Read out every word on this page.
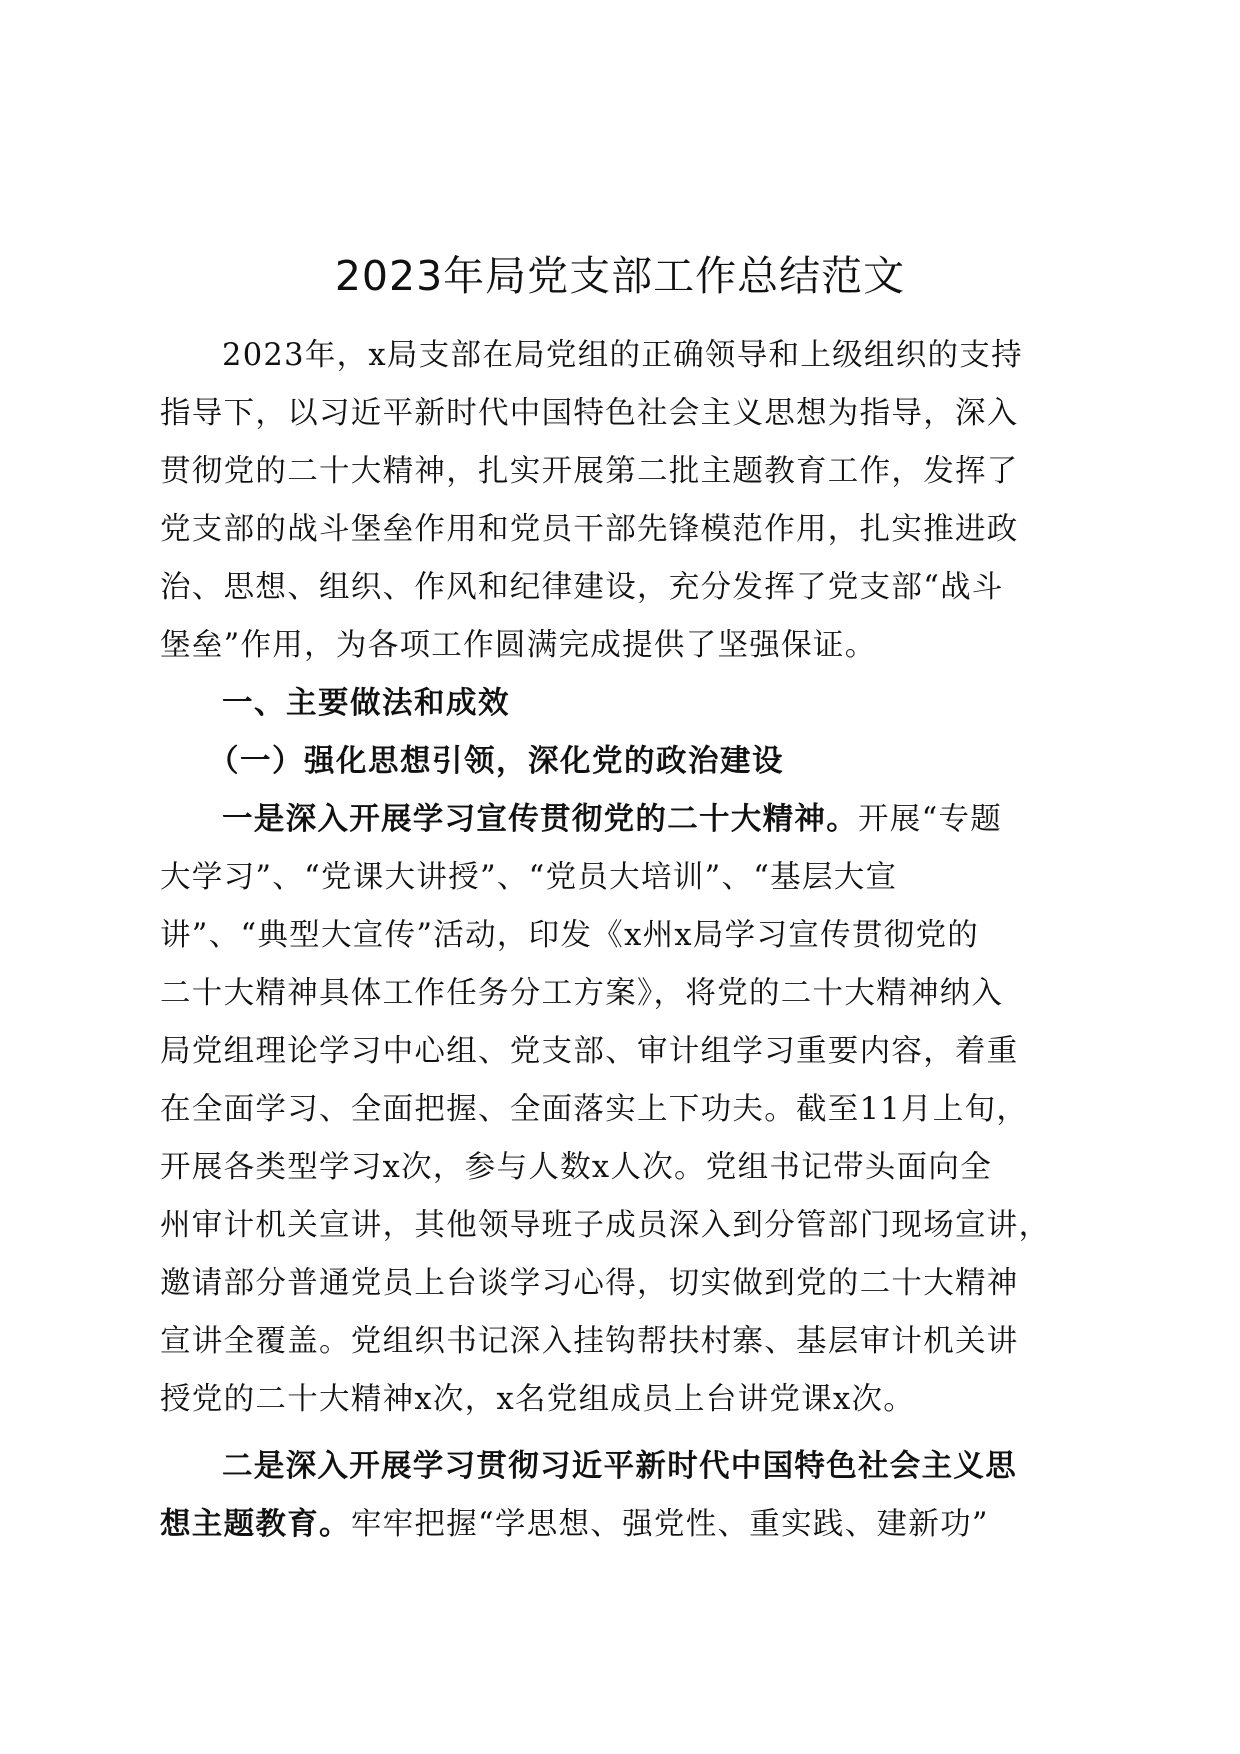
2023年局党支部工作总结范文
2023年，x局支部在局党组的正确领导和上级组织的支持
指导下，以习近平新时代中国特色社会主义思想为指导，深入
贯彻党的二十大精神，扎实开展第二批主题教育工作，发挥了
党支部的战斗堡垒作用和党员干部先锋模范作用，扎实推进政
治、思想、组织、作风和纪律建设，充分发挥了党支部“战斗
堡垒”作用，为各项工作圆满完成提供了坚强保证。
一、主要做法和成效
（一）强化思想引领，深化党的政治建设
一是深入开展学习宣传贯彻党的二十大精神。开展“专题
大学习”、“党课大讲授”、“党员大培训”、“基层大宣
讲”、“典型大宣传”活动，印发《x州x局学习宣传贯彻党的
二十大精神具体工作任务分工方案》，将党的二十大精神纳入
局党组理论学习中心组、党支部、审计组学习重要内容，着重
在全面学习、全面把握、全面落实上下功夫。截至11月上旬，
开展各类型学习x次，参与人数x人次。党组书记带头面向全
州审计机关宣讲，其他领导班子成员深入到分管部门现场宣讲，
邀请部分普通党员上台谈学习心得，切实做到党的二十大精神
宣讲全覆盖。党组织书记深入挂钩帮扶村寨、基层审计机关讲
授党的二十大精神x次，x名党组成员上台讲党课x次。
二是深入开展学习贯彻习近平新时代中国特色社会主义思
想主题教育。牢牢把握“学思想、强党性、重实践、建新功”
